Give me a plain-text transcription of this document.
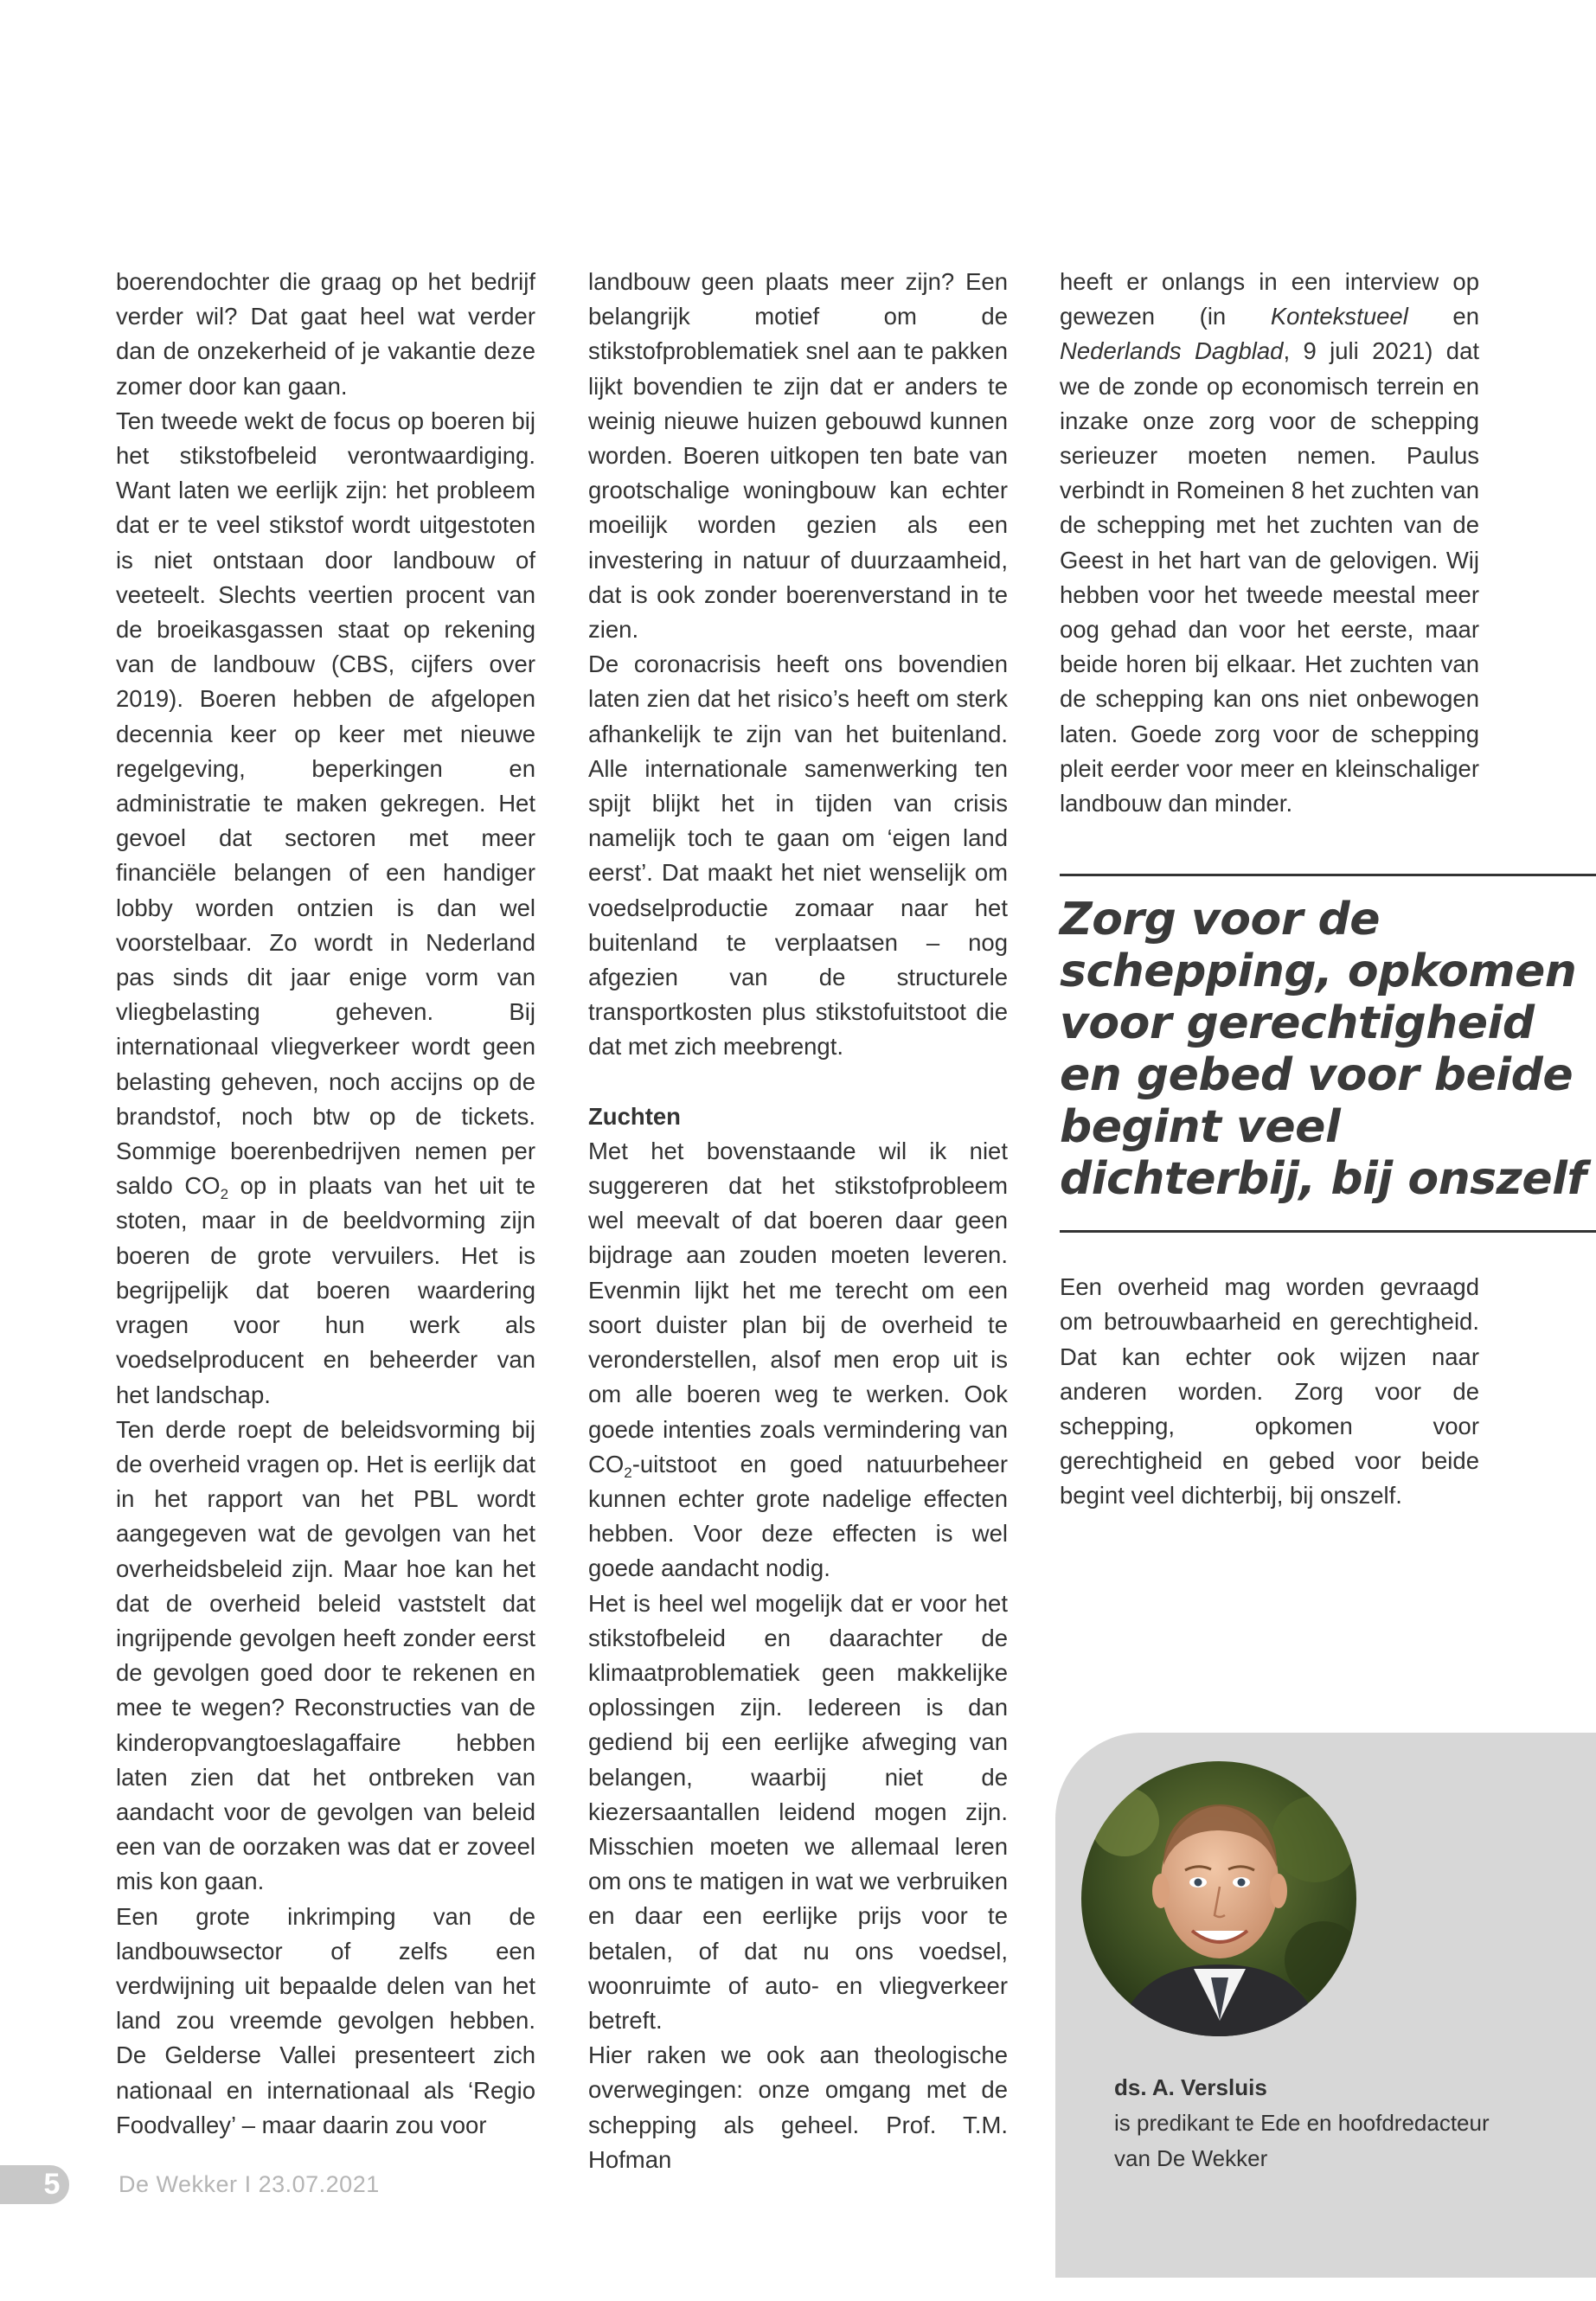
boerendochter die graag op het bedrijf verder wil? Dat gaat heel wat verder dan de onzekerheid of je vakantie deze zomer door kan gaan.

Ten tweede wekt de focus op boeren bij het stikstofbeleid verontwaardiging. Want laten we eerlijk zijn: het probleem dat er te veel stikstof wordt uitgestoten is niet ontstaan door landbouw of veeteelt. Slechts veertien procent van de broeikasgassen staat op rekening van de landbouw (CBS, cijfers over 2019). Boeren hebben de afgelopen decennia keer op keer met nieuwe regelgeving, beperkingen en administratie te maken gekregen. Het gevoel dat sectoren met meer financiële belangen of een handiger lobby worden ontzien is dan wel voorstelbaar. Zo wordt in Nederland pas sinds dit jaar enige vorm van vliegbelasting geheven. Bij internationaal vliegverkeer wordt geen belasting geheven, noch accijns op de brandstof, noch btw op de tickets. Sommige boerenbedrijven nemen per saldo $CO_2$ op in plaats van het uit te stoten, maar in de beeldvorming zijn boeren de grote vervuilers. Het is begrijpelijk dat boeren waardering vragen voor hun werk als voedselproducent en beheerder van het landschap.

Ten derde roept de beleidsvorming bij de overheid vragen op. Het is eerlijk dat in het rapport van het PBL wordt aangegeven wat de gevolgen van het overheidsbeleid zijn. Maar hoe kan het dat de overheid beleid vaststelt dat ingrijpende gevolgen heeft zonder eerst de gevolgen goed door te rekenen en mee te wegen? Reconstructies van de kinderopvangtoeslagaffaire hebben laten zien dat het ontbreken van aandacht voor de gevolgen van beleid een van de oorzaken was dat er zoveel mis kon gaan.

Een grote inkrimping van de landbouwsector of zelfs een verdwijning uit bepaalde delen van het land zou vreemde gevolgen hebben. De Gelderse Vallei presenteert zich nationaal en internationaal als ‘Regio Foodvalley’ – maar daarin zou voor

landbouw geen plaats meer zijn? Een belangrijk motief om de stikstofproblematiek snel aan te pakken lijkt bovendien te zijn dat er anders te weinig nieuwe huizen gebouwd kunnen worden. Boeren uitkopen ten bate van grootschalige woningbouw kan echter moeilijk worden gezien als een investering in natuur of duurzaamheid, dat is ook zonder boerenverstand in te zien.

De coronacrisis heeft ons bovendien laten zien dat het risico’s heeft om sterk afhankelijk te zijn van het buitenland. Alle internationale samenwerking ten spijt blijkt het in tijden van crisis namelijk toch te gaan om ‘eigen land eerst’. Dat maakt het niet wenselijk om voedselproductie zomaar naar het buitenland te verplaatsen – nog afgezien van de structurele transportkosten plus stikstofuitstoot die dat met zich meebrengt.

Zuchten

Met het bovenstaande wil ik niet suggereren dat het stikstofprobleem wel meevalt of dat boeren daar geen bijdrage aan zouden moeten leveren. Evenmin lijkt het me terecht om een soort duister plan bij de overheid te veronderstellen, alsof men erop uit is om alle boeren weg te werken. Ook goede intenties zoals vermindering van $CO_2$-uitstoot en goed natuurbeheer kunnen echter grote nadelige effecten hebben. Voor deze effecten is wel goede aandacht nodig.

Het is heel wel mogelijk dat er voor het stikstofbeleid en daarachter de klimaatproblematiek geen makkelijke oplossingen zijn. Iedereen is dan gediend bij een eerlijke afweging van belangen, waarbij niet de kiezersaantallen leidend mogen zijn. Misschien moeten we allemaal leren om ons te matigen in wat we verbruiken en daar een eerlijke prijs voor te betalen, of dat nu ons voedsel, woonruimte of auto- en vliegverkeer betreft.

Hier raken we ook aan theologische overwegingen: onze omgang met de schepping als geheel. Prof. T.M. Hofman

heeft er onlangs in een interview op gewezen (in Kontekstueel en Nederlands Dagblad, 9 juli 2021) dat we de zonde op economisch terrein en inzake onze zorg voor de schepping serieuzer moeten nemen. Paulus verbindt in Romeinen 8 het zuchten van de schepping met het zuchten van de Geest in het hart van de gelovigen. Wij hebben voor het tweede meestal meer oog gehad dan voor het eerste, maar beide horen bij elkaar. Het zuchten van de schepping kan ons niet onbewogen laten. Goede zorg voor de schepping pleit eerder voor meer en kleinschaliger landbouw dan minder.

Een overheid mag worden gevraagd om betrouwbaarheid en gerechtigheid. Dat kan echter ook wijzen naar anderen worden. Zorg voor de schepping, opkomen voor gerechtigheid en gebed voor beide begint veel dichterbij, bij onszelf.

Zorg voor de schepping, opkomen voor gerechtigheid en gebed voor beide begint veel dichterbij, bij onszelf

ds. A. Versluis
is predikant te Ede en hoofdredacteur
van De Wekker
5	De Wekker I 23.07.2021
